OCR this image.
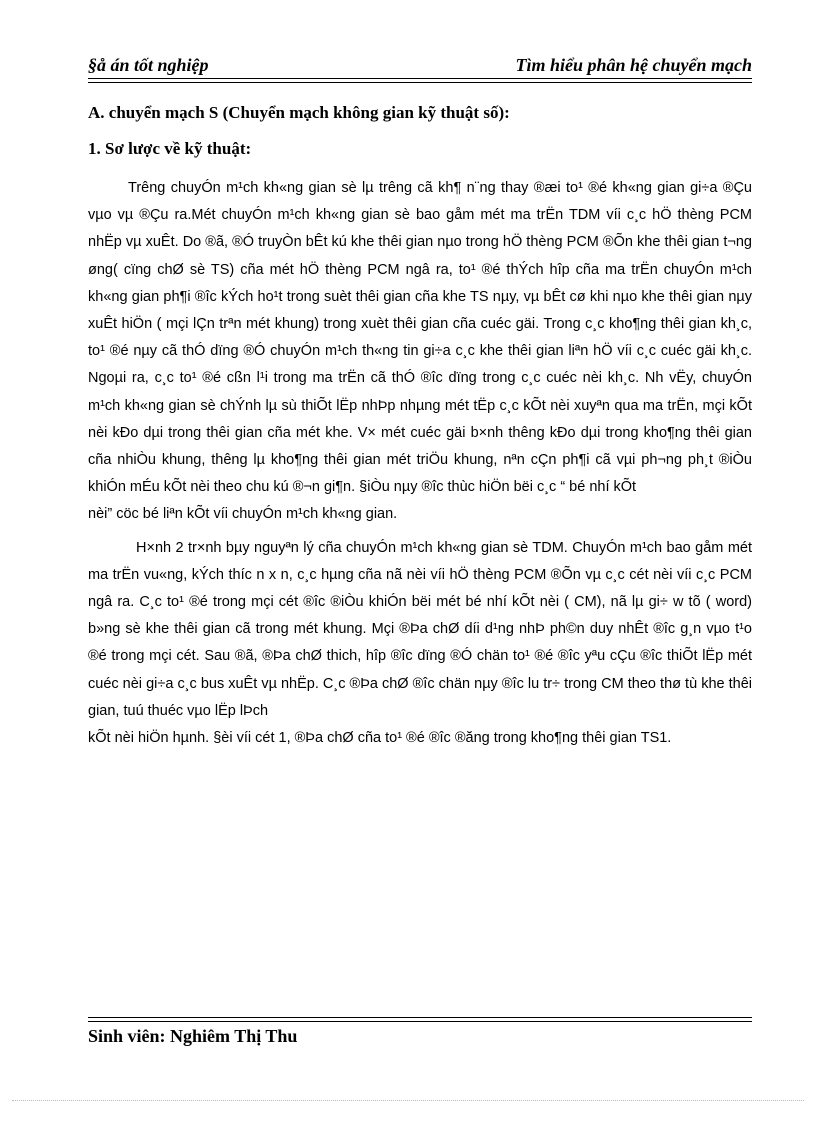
§å án tốt nghiệp	Tìm hiểu phân hệ chuyển mạch
A. chuyển mạch S (Chuyển mạch không gian kỹ thuật số):
1. Sơ lược về kỹ thuật:

Trêng chuyÓn m¹ch kh«ng gian sè lµ trêng cã kh¶ n¨ng thay ®æi to¹ ®é kh«ng gian gi÷a ®Çu vµo vµ ®Çu ra.Mét chuyÓn m¹ch kh«ng gian sè bao gåm mét ma trËn TDM víi c¸c hÖ thèng PCM nhËp vµ xuÊt. Do ®ã, ®Ó truyÒn bÊt kú khe thêi gian nµo trong hÖ thèng PCM ®Õn khe thêi gian t¬ng øng( cïng chØ sè TS) cña mét hÖ thèng PCM ngâ ra, to¹ ®é thÝch hîp cña ma trËn chuyÓn m¹ch kh«ng gian ph¶i ®îc kÝch ho¹t trong suèt thêi gian cña khe TS nµy, vµ bÊt cø khi nµo khe thêi gian nµy xuÊt hiÖn ( mçi lÇn trªn mét khung) trong xuèt thêi gian cña cuéc gäi. Trong c¸c kho¶ng thêi gian kh¸c, to¹ ®é nµy cã thÓ dïng ®Ó chuyÓn m¹ch th«ng tin gi÷a c¸c khe thêi gian liªn hÖ víi c¸c cuéc gäi kh¸c. Ngoµi ra, c¸c to¹ ®é cßn l¹i trong ma trËn cã thÓ ®îc dïng trong c¸c cuéc nèi kh¸c. Nh vËy, chuyÓn m¹ch kh«ng gian sè chÝnh lµ sù thiÕt lËp nhÞp nhµng mét tËp c¸c kÕt nèi xuyªn qua ma trËn, mçi kÕt nèi kÐo dµi trong thêi gian cña mét khe. V× mét cuéc gäi b×nh thêng kÐo dµi trong kho¶ng thêi gian cña nhiÒu khung, thêng lµ kho¶ng thêi gian mét triÖu khung, nªn cÇn ph¶i cã vµi ph¬ng ph¸t ®iÒu khiÓn mÉu kÕt nèi theo chu kú ®¬n gi¶n. §iÒu nµy ®îc thùc hiÖn bëi c¸c “ bé nhí kÕt

nèi” cöc bé liªn kÕt víi chuyÓn m¹ch kh«ng gian.

H×nh 2 tr×nh bµy nguyªn lý cña chuyÓn m¹ch kh«ng gian sè TDM. ChuyÓn m¹ch bao gåm mét ma trËn vu«ng, kÝch thíc n x n, c¸c hµng cña nã nèi víi hÖ thèng PCM ®Õn vµ c¸c cét nèi víi c¸c PCM ngâ ra. C¸c to¹ ®é trong mçi cét ®îc ®iÒu khiÓn bëi mét bé nhí kÕt nèi ( CM), nã lµ gi÷ w tõ ( word) b»ng sè khe thêi gian cã trong mét khung. Mçi ®Þa chØ díi d¹ng nhÞ ph©n duy nhÊt ®îc g¸n vµo t¹o ®é trong mçi cét. Sau ®ã, ®Þa chØ thich, hîp ®îc dïng ®Ó chän to¹ ®é ®îc yªu cÇu ®îc thiÕt lËp mét cuéc nèi gi÷a c¸c bus xuÊt vµ nhËp. C¸c ®Þa chØ ®îc chän nµy ®îc lu tr÷ trong CM theo thø tù khe thêi gian, tuú thuéc vµo lËp lÞch

kÕt nèi hiÖn hµnh. §èi víi cét 1, ®Þa chØ cña to¹ ®é ®îc ®ăng trong kho¶ng thêi gian TS1.

Sinh viên: Nghiêm Thị Thu
